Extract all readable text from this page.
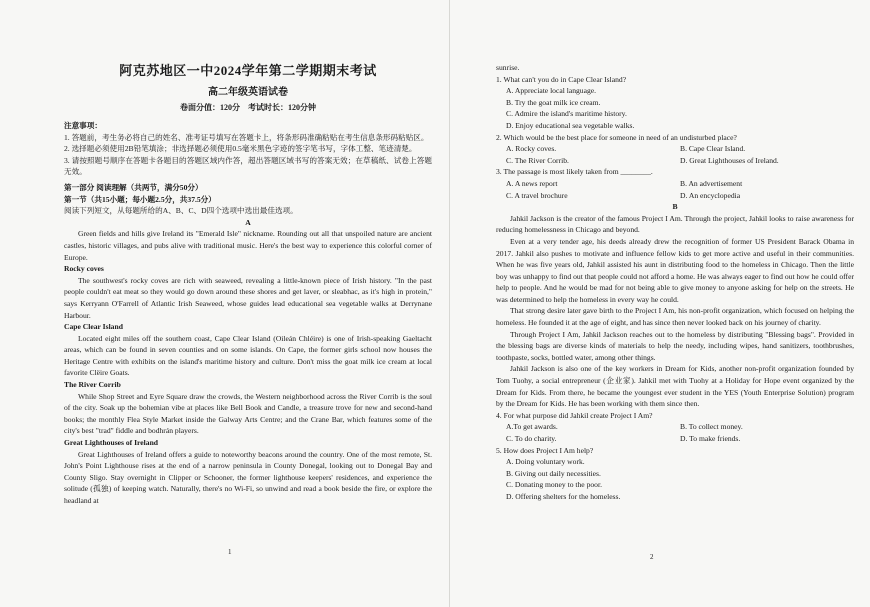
阿克苏地区一中2024学年第二学期期末考试
高二年级英语试卷
卷面分值：120分　考试时长：120分钟

注意事项：

1. 答题前，考生务必将自己的姓名、准考证号填写在答题卡上，将条形码准确粘贴在考生信息条形码粘贴区。

2. 选择题必须使用2B铅笔填涂；非选择题必须使用0.5毫米黑色字迹的签字笔书写，字体工整、笔迹清楚。

3. 请按照题号顺序在答题卡各题目的答题区域内作答，超出答题区域书写的答案无效；在草稿纸、试卷上答题无效。

第一部分 阅读理解（共两节，满分50分）

第一节（共15小题；每小题2.5分，共37.5分）

阅读下列短文，从每题所给的A、B、C、D四个选项中选出最佳选项。

A

Green fields and hills give Ireland its "Emerald Isle" nickname. Rounding out all that unspoiled nature are ancient castles, historic villages, and pubs alive with traditional music. Here's the best way to experience this colorful corner of Europe.

Rocky coves

The southwest's rocky coves are rich with seaweed, revealing a little-known piece of Irish history. "In the past people couldn't eat meat so they would go down around these shores and get laver, or sleabhac, as it's high in protein," says Kerryann O'Farrell of Atlantic Irish Seaweed, whose guides lead educational sea vegetable walks at Derrynane Harbour.

Cape Clear Island

Located eight miles off the southern coast, Cape Clear Island (Oileán Chléire) is one of Irish-speaking Gaeltacht areas, which can be found in seven counties and on some islands. On Cape, the former girls school now houses the Heritage Centre with exhibits on the island's maritime history and culture. Don't miss the goat milk ice cream at local favorite Clëire Goats.

The River Corrib

While Shop Street and Eyre Square draw the crowds, the Western neighborhood across the River Corrib is the soul of the city. Soak up the bohemian vibe at places like Bell Book and Candle, a treasure trove for new and second-hand books; the monthly Flea Style Market inside the Galway Arts Centre; and the Crane Bar, which features some of the city's best "trad" fiddle and bodhrán players.

Great Lighthouses of Ireland

Great Lighthouses of Ireland offers a guide to noteworthy beacons around the country. One of the most remote, St. John's Point Lighthouse rises at the end of a narrow peninsula in County Donegal, looking out to Donegal Bay and County Sligo. Stay overnight in Clipper or Schooner, the former lighthouse keepers' residences, and experience the solitude (孤独) of keeping watch. Naturally, there's no Wi-Fi, so unwind and read a book beside the fire, or explore the headland at

1

sunrise.

1. What can't you do in Cape Clear Island?

A. Appreciate local language.

B. Try the goat milk ice cream.

C. Admire the island's maritime history.

D. Enjoy educational sea vegetable walks.

2. Which would be the best place for someone in need of an undisturbed place?

A. Rocky coves.	B. Cape Clear Island.
C. The River Corrib.	D. Great Lighthouses of Ireland.

3. The passage is most likely taken from ________.

A. A news report	B. An advertisement
C. A travel brochure	D. An encyclopedia

B

Jahkil Jackson is the creator of the famous Project I Am. Through the project, Jahkil looks to raise awareness for reducing homelessness in Chicago and beyond.

Even at a very tender age, his deeds already drew the recognition of former US President Barack Obama in 2017. Jahkil also pushes to motivate and influence fellow kids to get more active and useful in their communities. When he was five years old, Jahkil assisted his aunt in distributing food to the homeless in Chicago. Then the little boy was unhappy to find out that people could not afford a home. He was always eager to find out how he could offer help to people. And he would be mad for not being able to give money to anyone asking for help on the streets. He was determined to help the homeless in every way he could.

That strong desire later gave birth to the Project I Am, his non-profit organization, which focused on helping the homeless. He founded it at the age of eight, and has since then never looked back on his journey of charity.

Through Project I Am, Jahkil Jackson reaches out to the homeless by distributing "Blessing bags". Provided in the blessing bags are diverse kinds of materials to help the needy, including wipes, hand sanitizers, toothbrushes, toothpaste, socks, bottled water, among other things.

Jahkil Jackson is also one of the key workers in Dream for Kids, another non-profit organization founded by Tom Tuohy, a social entrepreneur (企业家). Jahkil met with Tuohy at a Holiday for Hope event organized by the Dream for Kids. From there, he became the youngest ever student in the YES (Youth Enterprise Solution) program by the Dream for Kids. He has been working with them since then.

4. For what purpose did Jahkil create Project I Am?

A.To get awards.	B. To collect money.
C. To do charity.	D. To make friends.

5. How does Project I Am help?

A. Doing voluntary work.

B. Giving out daily necessities.

C. Donating money to the poor.

D. Offering shelters for the homeless.

2
